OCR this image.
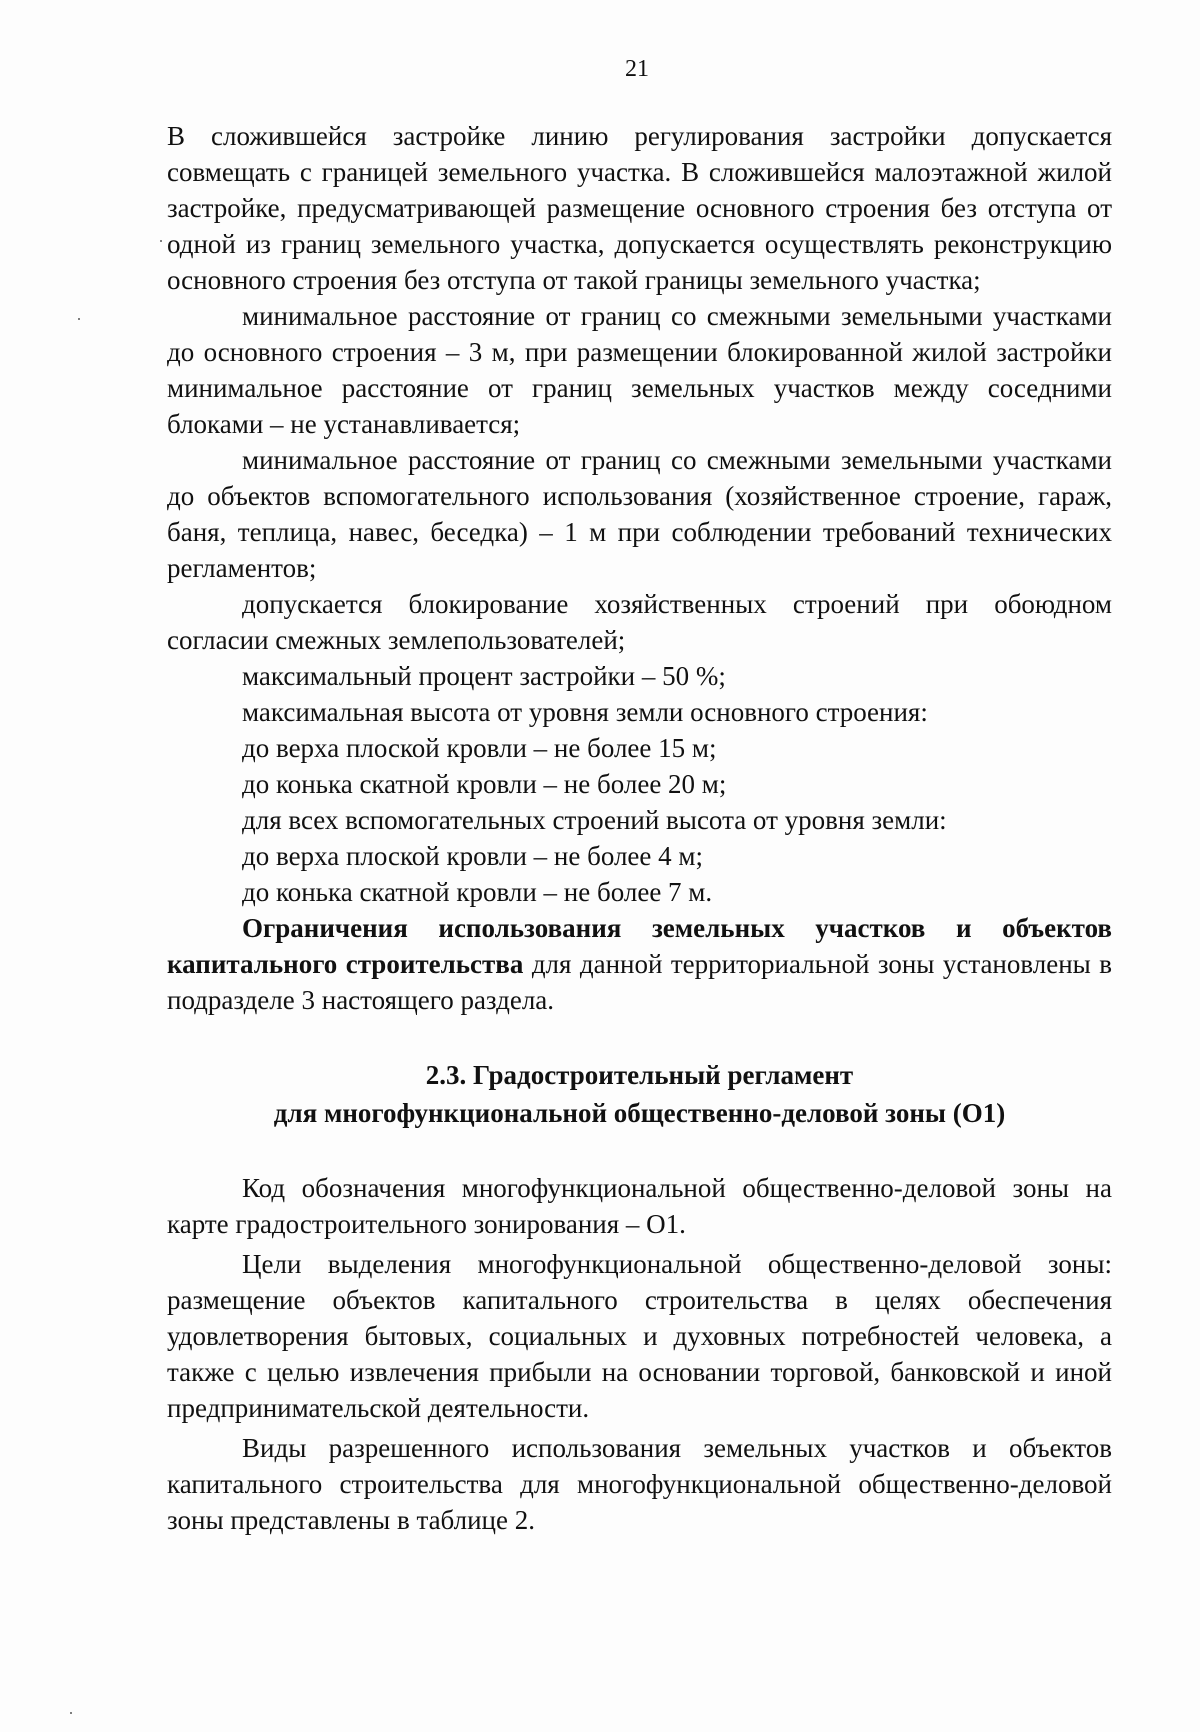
21

В сложившейся застройке линию регулирования застройки допускается совмещать с границей земельного участка. В сложившейся малоэтажной жилой застройке, предусматривающей размещение основного строения без отступа от одной из границ земельного участка, допускается осуществлять реконструкцию основного строения без отступа от такой границы земельного участка;

минимальное расстояние от границ со смежными земельными участками до основного строения – 3 м, при размещении блокированной жилой застройки минимальное расстояние от границ земельных участков между соседними блоками – не устанавливается;

минимальное расстояние от границ со смежными земельными участками до объектов вспомогательного использования (хозяйственное строение, гараж, баня, теплица, навес, беседка) – 1 м при соблюдении требований технических регламентов;

допускается блокирование хозяйственных строений при обоюдном согласии смежных землепользователей;

максимальный процент застройки – 50 %;

максимальная высота от уровня земли основного строения:

до верха плоской кровли – не более 15 м;

до конька скатной кровли – не более 20 м;

для всех вспомогательных строений высота от уровня земли:

до верха плоской кровли – не более 4 м;

до конька скатной кровли – не более 7 м.

Ограничения использования земельных участков и объектов капитального строительства для данной территориальной зоны установлены в подразделе 3 настоящего раздела.

2.3. Градостроительный регламент
для многофункциональной общественно-деловой зоны (О1)

Код обозначения многофункциональной общественно-деловой зоны на карте градостроительного зонирования – О1.

Цели выделения многофункциональной общественно-деловой зоны: размещение объектов капитального строительства в целях обеспечения удовлетворения бытовых, социальных и духовных потребностей человека, а также с целью извлечения прибыли на основании торговой, банковской и иной предпринимательской деятельности.

Виды разрешенного использования земельных участков и объектов капитального строительства для многофункциональной общественно-деловой зоны представлены в таблице 2.
